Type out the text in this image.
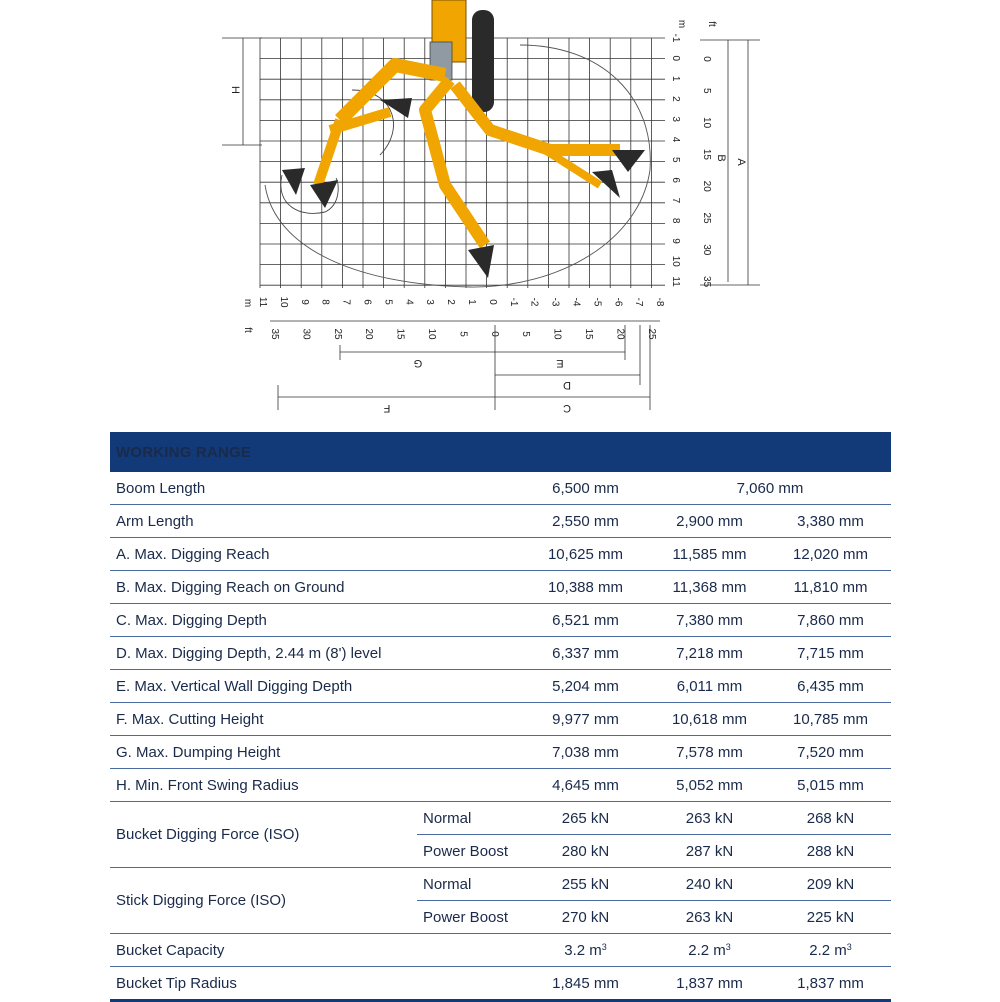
m ft
-1
0
1
2
3
4
5
6
7
8
9
10
11
0
5
10
15
20
25
30
35
m
ft
11 10 9 8 7 6 5 4 3 2 1 0 -1 -2 -3 -4 -5 -6 -7 -8
35 30 25 20 15 10 5 0 5 10 15 20 25
H
B
A
G	E
D
F	C
WORKING RANGE				
Boom Length		6,500 mm	7,060 mm	
Arm Length		2,550 mm	2,900 mm	3,380 mm
A. Max. Digging Reach		10,625 mm	11,585 mm	12,020 mm
B. Max. Digging Reach on Ground		10,388 mm	11,368 mm	11,810 mm
C. Max. Digging Depth		6,521 mm	7,380 mm	7,860 mm
D. Max. Digging Depth, 2.44 m (8') level		6,337 mm	7,218 mm	7,715 mm
E. Max. Vertical Wall Digging Depth		5,204 mm	6,011 mm	6,435 mm
F. Max. Cutting Height		9,977 mm	10,618 mm	10,785 mm
G. Max. Dumping Height		7,038 mm	7,578 mm	7,520 mm
H. Min. Front Swing Radius		4,645 mm	5,052 mm	5,015 mm
Bucket Digging Force (ISO)	Normal	265 kN	263 kN	268 kN
	Power Boost	280 kN	287 kN	288 kN
Stick Digging Force (ISO)	Normal	255 kN	240 kN	209 kN
	Power Boost	270 kN	263 kN	225 kN
Bucket Capacity		3.2 $m^3$	2.2 $m^3$	2.2 $m^3$
Bucket Tip Radius		1,845 mm	1,837 mm	1,837 mm
